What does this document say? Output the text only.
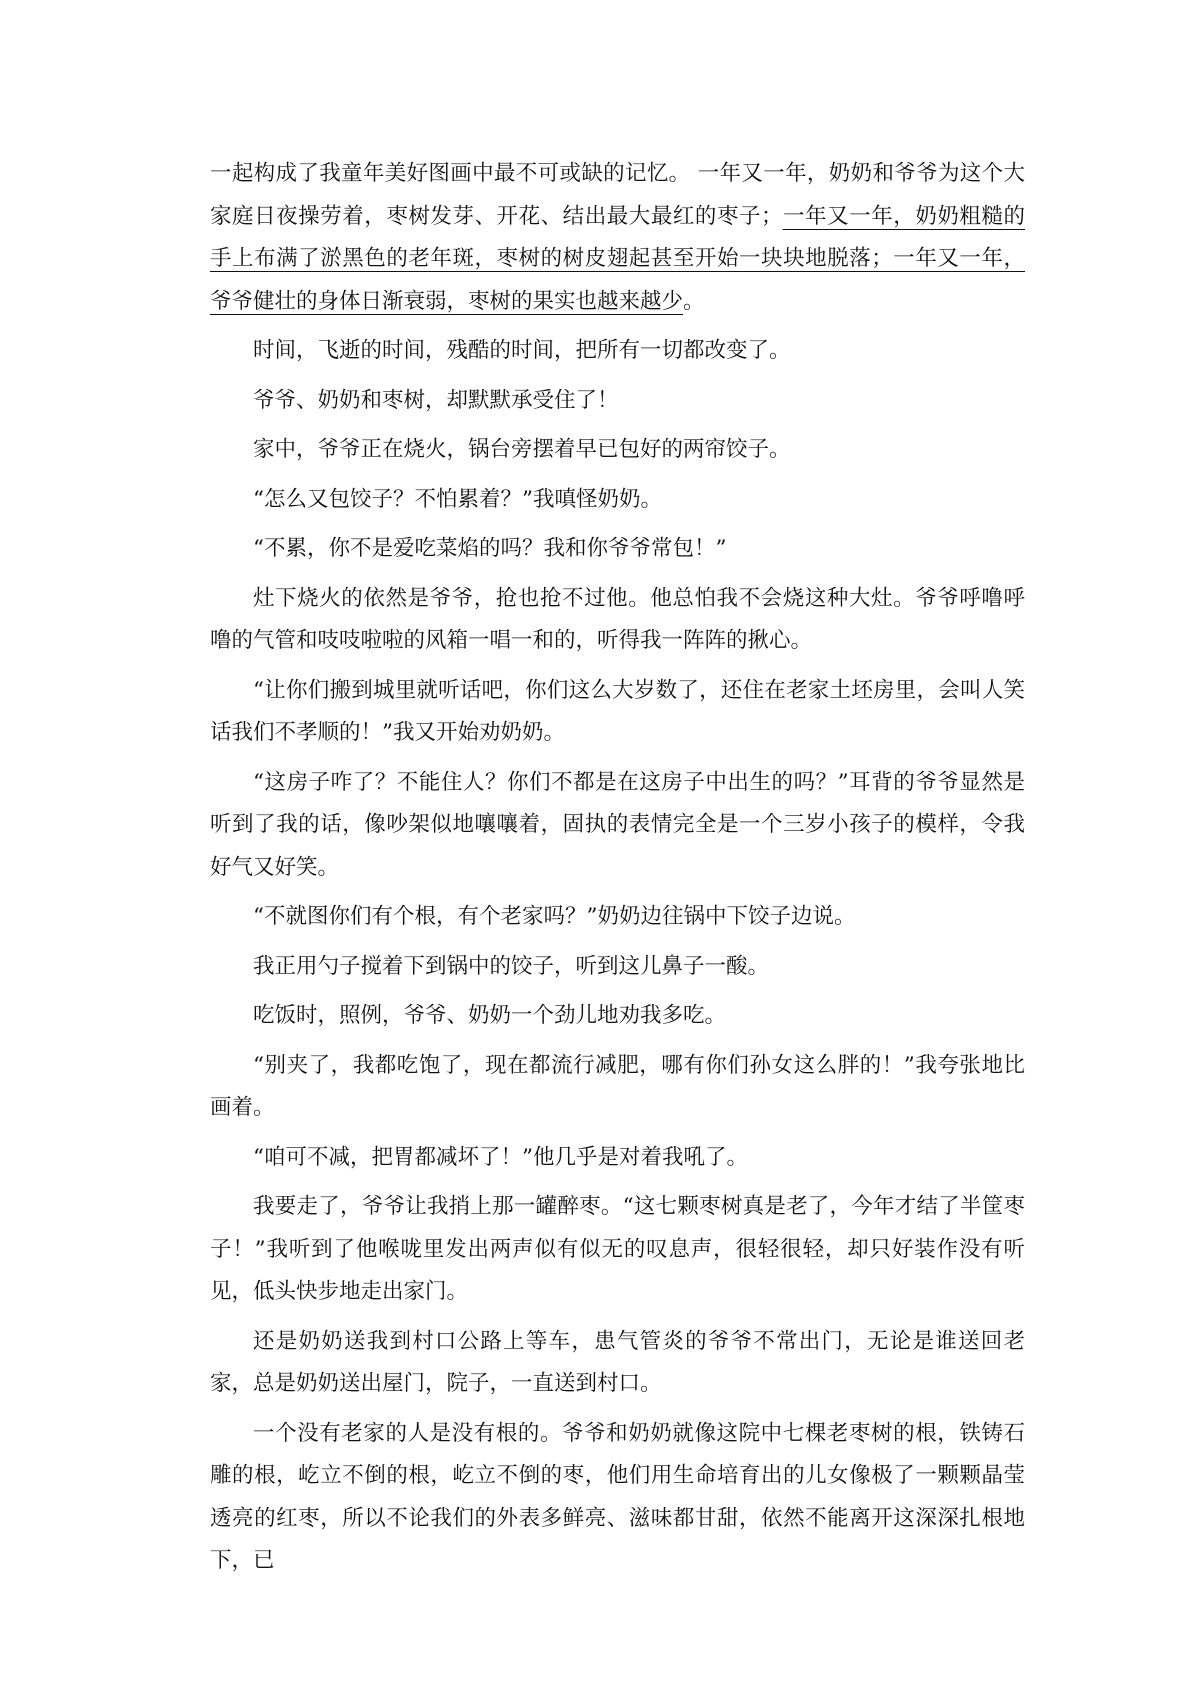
一起构成了我童年美好图画中最不可或缺的记忆。 一年又一年，奶奶和爷爷为这个大家庭日夜操劳着，枣树发芽、开花、结出最大最红的枣子；一年又一年，奶奶粗糙的手上布满了淤黑色的老年斑，枣树的树皮翅起甚至开始一块块地脱落；一年又一年，爷爷健壮的身体日渐衰弱，枣树的果实也越来越少。

时间，飞逝的时间，残酷的时间，把所有一切都改变了。

爷爷、奶奶和枣树，却默默承受住了！

家中，爷爷正在烧火，锅台旁摆着早已包好的两帘饺子。

“怎么又包饺子？不怕累着？”我嗔怪奶奶。

“不累，你不是爱吃菜焰的吗？我和你爷爷常包！”

灶下烧火的依然是爷爷，抢也抢不过他。他总怕我不会烧这种大灶。爷爷呼噜呼噜的气管和吱吱啦啦的风箱一唱一和的，听得我一阵阵的揪心。

“让你们搬到城里就听话吧，你们这么大岁数了，还住在老家土坯房里，会叫人笑话我们不孝顺的！”我又开始劝奶奶。

“这房子咋了？不能住人？你们不都是在这房子中出生的吗？”耳背的爷爷显然是听到了我的话，像吵架似地嚷嚷着，固执的表情完全是一个三岁小孩子的模样，令我好气又好笑。

“不就图你们有个根，有个老家吗？”奶奶边往锅中下饺子边说。

我正用勺子搅着下到锅中的饺子，听到这儿鼻子一酸。

吃饭时，照例，爷爷、奶奶一个劲儿地劝我多吃。

“别夹了，我都吃饱了，现在都流行减肥，哪有你们孙女这么胖的！”我夸张地比画着。

“咱可不减，把胃都减坏了！”他几乎是对着我吼了。

我要走了，爷爷让我捎上那一罐醉枣。“这七颗枣树真是老了，今年才结了半筐枣子！”我听到了他喉咙里发出两声似有似无的叹息声，很轻很轻，却只好装作没有听见，低头快步地走出家门。

还是奶奶送我到村口公路上等车，患气管炎的爷爷不常出门，无论是谁送回老家，总是奶奶送出屋门，院子，一直送到村口。

一个没有老家的人是没有根的。爷爷和奶奶就像这院中七棵老枣树的根，铁铸石雕的根，屹立不倒的根，屹立不倒的枣，他们用生命培育出的儿女像极了一颗颗晶莹透亮的红枣，所以不论我们的外表多鲜亮、滋味都甘甜，依然不能离开这深深扎根地下，已
